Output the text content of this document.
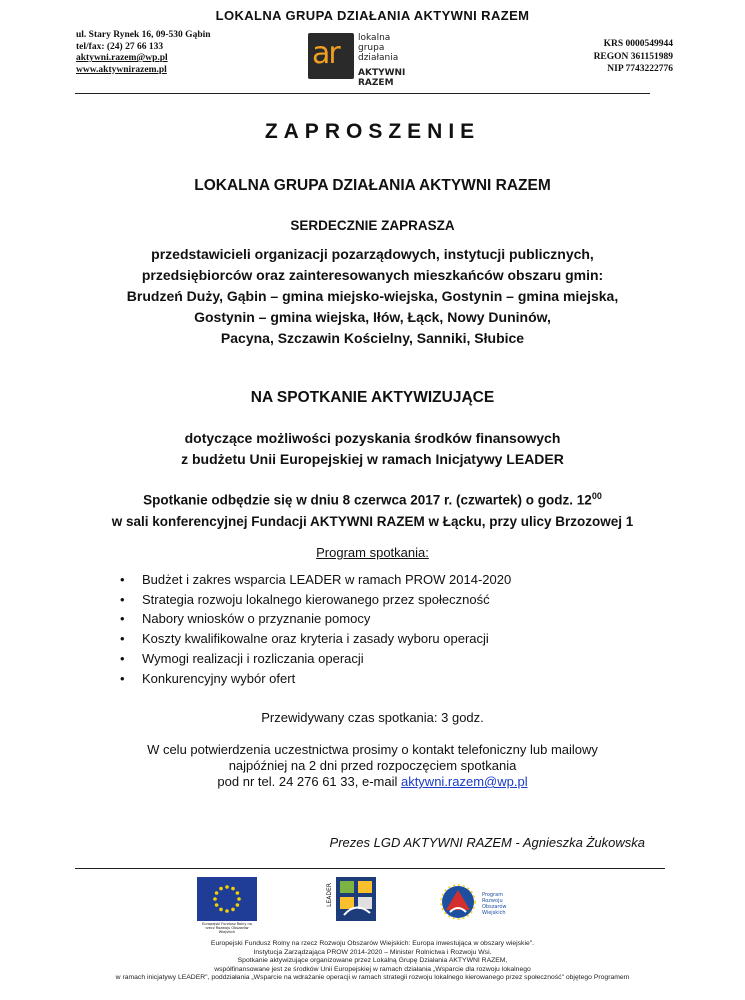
LOKALNA GRUPA DZIAŁANIA AKTYWNI RAZEM
ul. Stary Rynek 16, 09-530 Gąbin
tel/fax: (24) 27 66 133
aktywni.razem@wp.pl
www.aktywnirazem.pl	ar lokalna
grupa
działania
AKTYWNI RAZEM
KRS 0000549944
REGON 361151989
NIP 7743222776
ZAPROSZENIE
LOKALNA GRUPA DZIAŁANIA AKTYWNI RAZEM
SERDECZNIE ZAPRASZA
przedstawicieli organizacji pozarządowych, instytucji publicznych,
przedsiębiorców oraz zainteresowanych mieszkańców obszaru gmin:
Brudzeń Duży, Gąbin – gmina miejsko-wiejska, Gostynin – gmina miejska,
Gostynin – gmina wiejska, Iłów, Łąck, Nowy Duninów,
Pacyna, Szczawin Kościelny, Sanniki, Słubice
NA SPOTKANIE AKTYWIZUJĄCE
dotyczące możliwości pozyskania środków finansowych
z budżetu Unii Europejskiej w ramach Inicjatywy LEADER
Spotkanie odbędzie się w dniu 8 czerwca 2017 r. (czwartek) o godz. $12^{00}$
w sali konferencyjnej Fundacji AKTYWNI RAZEM w Łącku, przy ulicy Brzozowej 1
Program spotkania:
• Budżet i zakres wsparcia LEADER w ramach PROW 2014-2020
• Strategia rozwoju lokalnego kierowanego przez społeczność
• Nabory wniosków o przyznanie pomocy
• Koszty kwalifikowalne oraz kryteria i zasady wyboru operacji
• Wymogi realizacji i rozliczania operacji
• Konkurencyjny wybór ofert
Przewidywany czas spotkania: 3 godz.
W celu potwierdzenia uczestnictwa prosimy o kontakt telefoniczny lub mailowy
najpóźniej na 2 dni przed rozpoczęciem spotkania
pod nr tel. 24 276 61 33, e-mail aktywni.razem@wp.pl
Prezes LGD AKTYWNI RAZEM - Agnieszka Żukowska
Europejski Fundusz Rolny na rzecz Rozwoju Obszarów Wiejskich
LEADER	Program Rozwoju Obszarów Wiejskich
Europejski Fundusz Rolny na rzecz Rozwoju Obszarów Wiejskich: Europa inwestująca w obszary wiejskie".
Instytucja Zarządzająca PROW 2014-2020 – Minister Rolnictwa i Rozwoju Wsi.
Spotkanie aktywizujące organizowane przez Lokalną Grupę Działania AKTYWNI RAZEM,
współfinansowane jest ze środków Unii Europejskiej w ramach działania „Wsparcie dla rozwoju lokalnego
w ramach inicjatywy LEADER", poddziałania „Wsparcie na wdrażanie operacji w ramach strategii rozwoju lokalnego kierowanego przez społeczność" objętego Programem
